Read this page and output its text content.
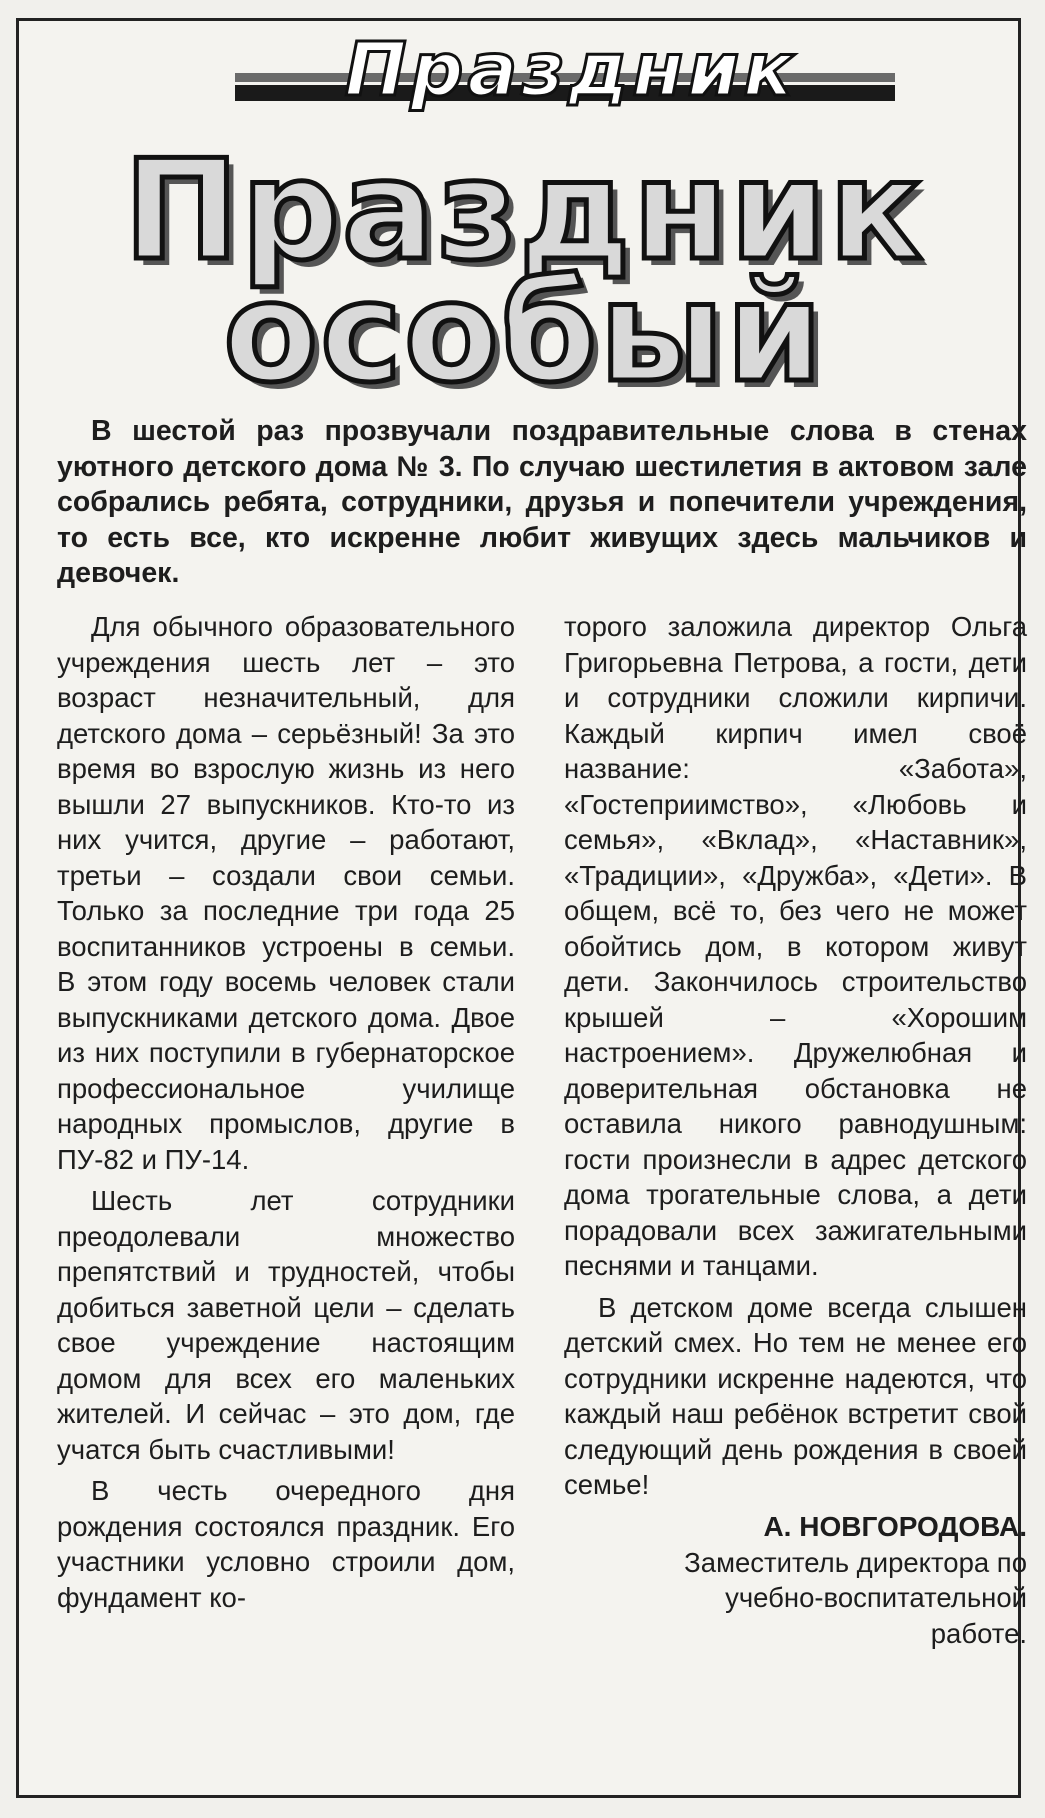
Праздник
Праздник
особый
В шестой раз прозвучали поздравительные слова в стенах уютного детского дома № 3. По случаю шестилетия в актовом зале собрались ребята, сотрудники, друзья и попечители учреждения, то есть все, кто искренне любит живущих здесь мальчиков и девочек.

Для обычного образовательного учреждения шесть лет – это возраст незначительный, для детского дома – серьёзный! За это время во взрослую жизнь из него вышли 27 выпускников. Кто-то из них учится, другие – работают, третьи – создали свои семьи. Только за последние три года 25 воспитанников устроены в семьи. В этом году восемь человек стали выпускниками детского дома. Двое из них поступили в губернаторское профессиональное училище народных промыслов, другие в ПУ-82 и ПУ-14.

Шесть лет сотрудники преодолевали множество препятствий и трудностей, чтобы добиться заветной цели – сделать свое учреждение настоящим домом для всех его маленьких жителей. И сейчас – это дом, где учатся быть счастливыми!

В честь очередного дня рождения состоялся праздник. Его участники условно строили дом, фундамент ко-

торого заложила директор Ольга Григорьевна Петрова, а гости, дети и сотрудники сложили кирпичи. Каждый кирпич имел своё название: «Забота», «Гостеприимство», «Любовь и семья», «Вклад», «Наставник», «Традиции», «Дружба», «Дети». В общем, всё то, без чего не может обойтись дом, в котором живут дети. Закончилось строительство крышей – «Хорошим настроением». Дружелюбная и доверительная обстановка не оставила никого равнодушным: гости произнесли в адрес детского дома трогательные слова, а дети порадовали всех зажигательными песнями и танцами.

В детском доме всегда слышен детский смех. Но тем не менее его сотрудники искренне надеются, что каждый наш ребёнок встретит свой следующий день рождения в своей семье!

А. НОВГОРОДОВА.
Заместитель директора по учебно-воспитательной работе.
